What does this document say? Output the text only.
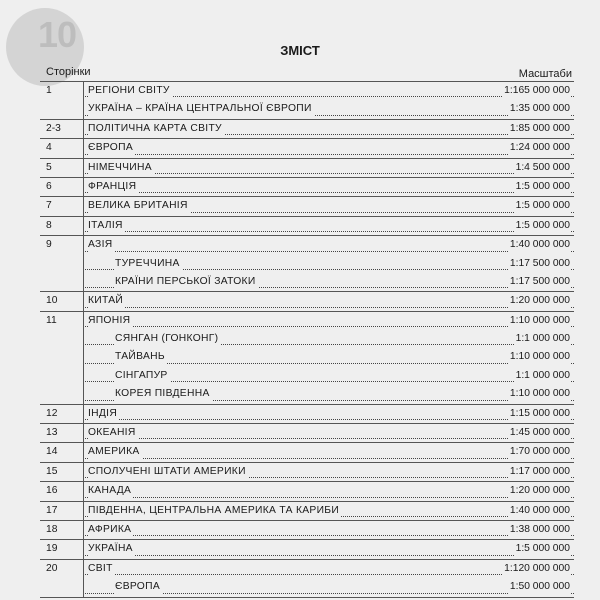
10	ЗМІСТ
Сторінки	Масштаби
1	РЕГІОНИ СВІТУ	1:165 000 000
УКРАЇНА – КРАЇНА ЦЕНТРАЛЬНОЇ ЄВРОПИ	1:35 000 000
2-3	ПОЛІТИЧНА КАРТА СВІТУ	1:85 000 000
4	ЄВРОПА	1:24 000 000
5	НІМЕЧЧИНА	1:4 500 000
6	ФРАНЦІЯ	1:5 000 000
7	ВЕЛИКА БРИТАНІЯ	1:5 000 000
8	ІТАЛІЯ	1:5 000 000
9	АЗІЯ	1:40 000 000
ТУРЕЧЧИНА	1:17 500 000
КРАЇНИ ПЕРСЬКОЇ ЗАТОКИ	1:17 500 000
10	КИТАЙ	1:20 000 000
11	ЯПОНІЯ	1:10 000 000
СЯНГАН (ГОНКОНГ)	1:1 000 000
ТАЙВАНЬ	1:10 000 000
СІНГАПУР	1:1 000 000
КОРЕЯ ПІВДЕННА	1:10 000 000
12	ІНДІЯ	1:15 000 000
13	ОКЕАНІЯ	1:45 000 000
14	АМЕРИКА	1:70 000 000
15	СПОЛУЧЕНІ ШТАТИ АМЕРИКИ	1:17 000 000
16	КАНАДА	1:20 000 000
17	ПІВДЕННА, ЦЕНТРАЛЬНА АМЕРИКА ТА КАРИБИ	1:40 000 000
18	АФРИКА	1:38 000 000
19	УКРАЇНА	1:5 000 000
20	СВІТ	1:120 000 000
ЄВРОПА	1:50 000 000
